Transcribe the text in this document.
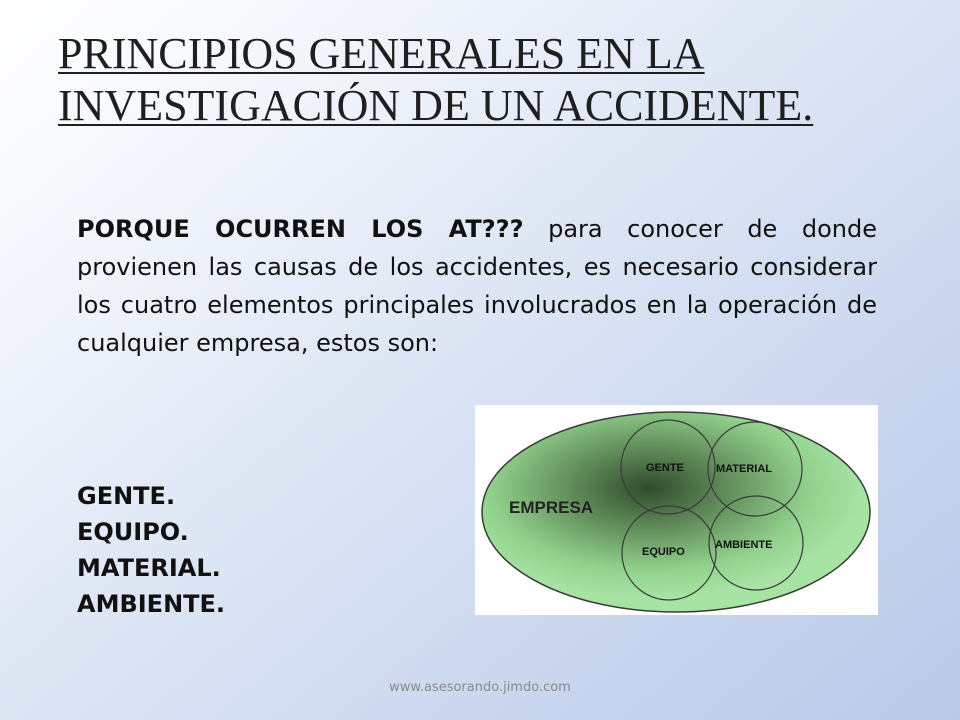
PRINCIPIOS GENERALES EN LA
INVESTIGACIÓN DE UN ACCIDENTE.
PORQUE OCURREN LOS AT??? para conocer de donde provienen las causas de los accidentes, es necesario considerar los cuatro elementos principales involucrados en la operación de cualquier empresa, estos son:
GENTE.
EQUIPO.
MATERIAL.
AMBIENTE.
EMPRESA
GENTE	MATERIAL
EQUIPO
AMBIENTE
www.asesorando.jimdo.com
